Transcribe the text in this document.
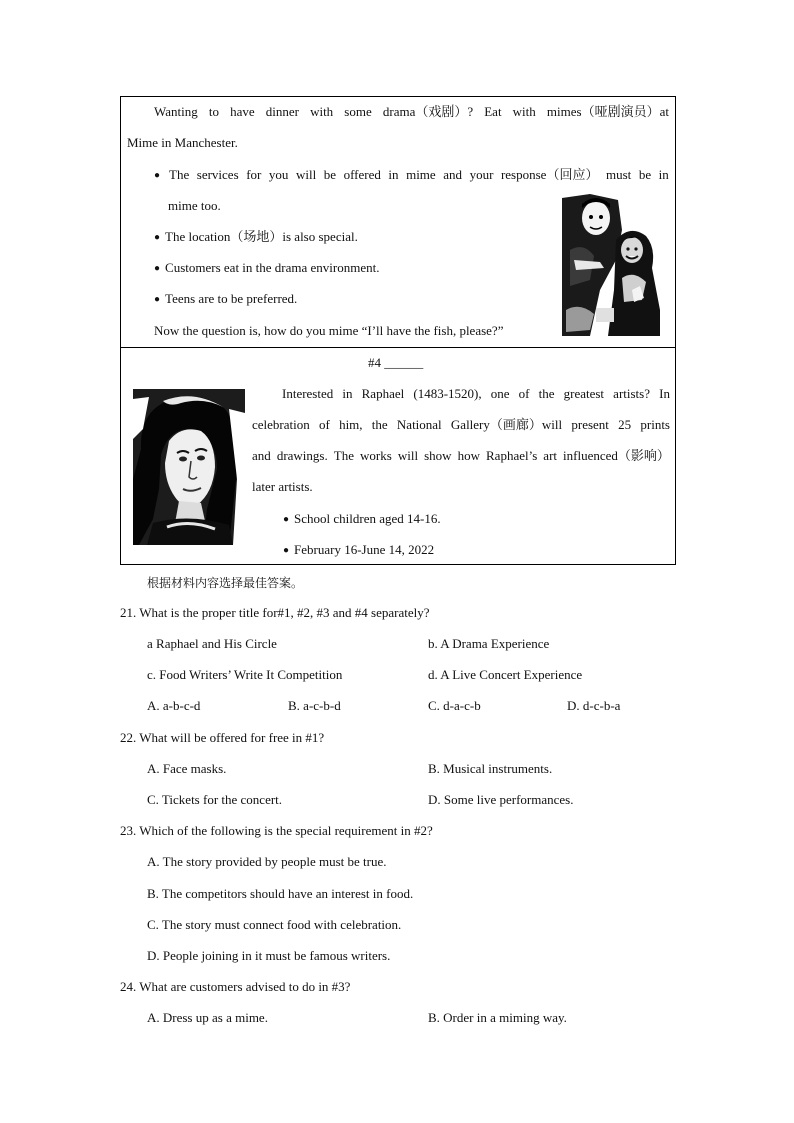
Wanting to have dinner with some drama（戏剧）? Eat with mimes（哑剧演员）at
Mime in Manchester.
●
The services for you will be offered in mime and your response（回应） must be in
mime too.
● The location（场地）is also special.
● Customers eat in the drama environment.
● Teens are to be preferred.
Now the question is, how do you mime “I’ll have the fish, please?”
#4 ______
Interested in Raphael (1483-1520), one of the greatest artists? In
celebration of him, the National Gallery（画廊）will present 25 prints
and drawings. The works will show how Raphael’s art influenced（影响）
later artists.
● School children aged 14-16.
● February 16-June 14, 2022
根据材料内容选择最佳答案。
21. What is the proper title for#1, #2, #3 and #4 separately?
a Raphael and His Circle	b. A Drama Experience
c. Food Writers’ Write It Competition	d. A Live Concert Experience
A. a-b-c-d	B. a-c-b-d	C. d-a-c-b	D. d-c-b-a
22. What will be offered for free in #1?
A. Face masks.	B. Musical instruments.
C. Tickets for the concert.	D. Some live performances.
23. Which of the following is the special requirement in #2?
A. The story provided by people must be true.
B. The competitors should have an interest in food.
C. The story must connect food with celebration.
D. People joining in it must be famous writers.
24. What are customers advised to do in #3?
A. Dress up as a mime.	B. Order in a miming way.
